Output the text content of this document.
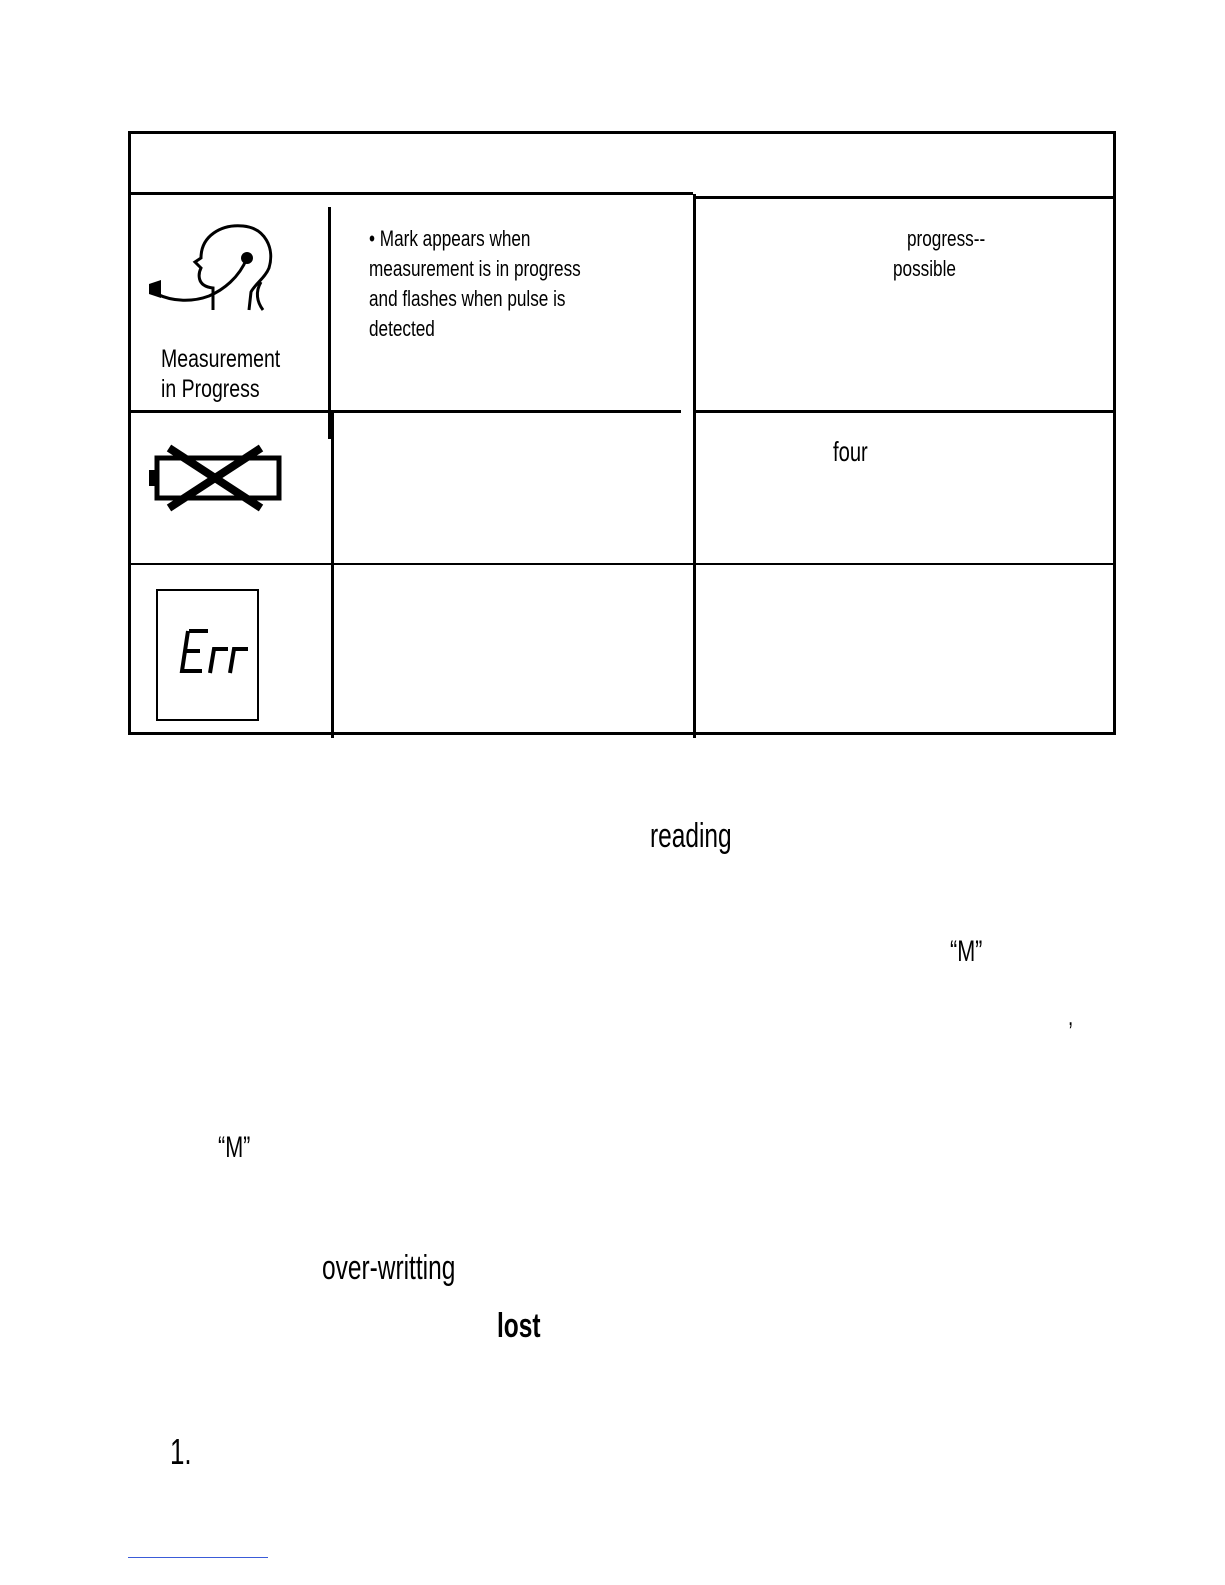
Measurement
in Progress
• Mark appears when
measurement is in progress
and flashes when pulse is
detected
progress--
possible
four
reading
“M”
,
“M”
over-writting
lost
1.
